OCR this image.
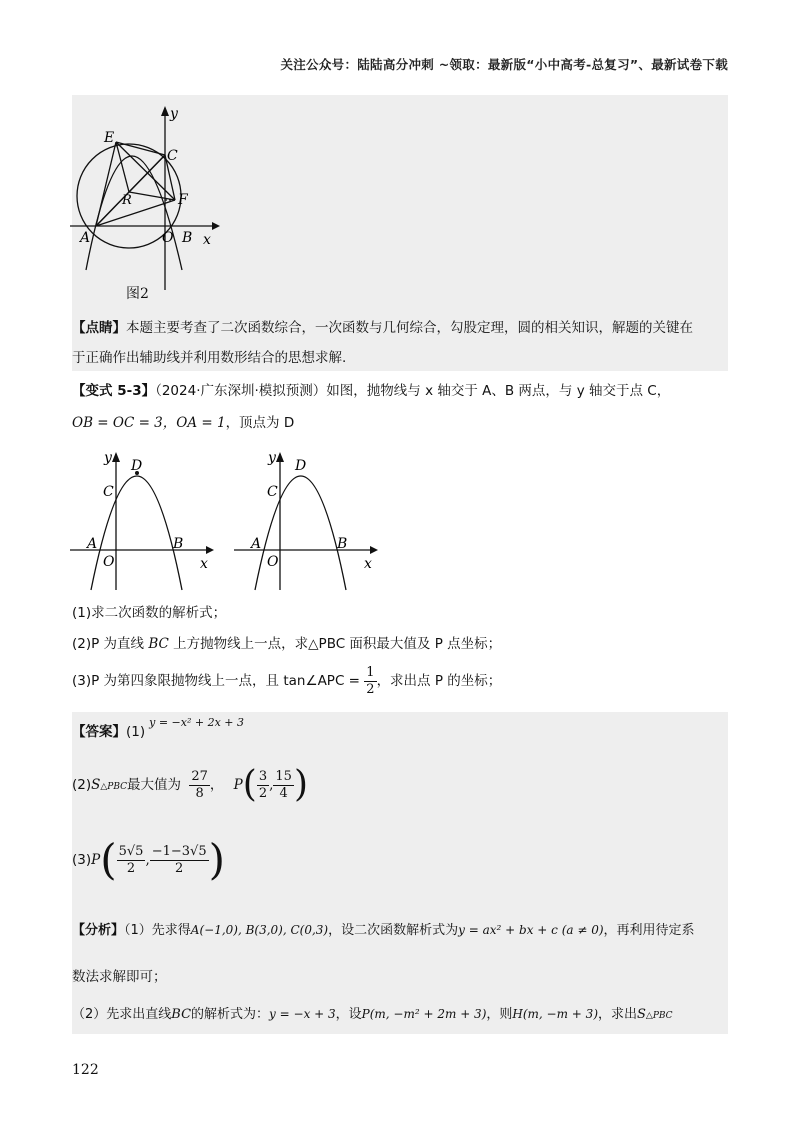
关注公众号：陆陆高分冲刺 ~领取：最新版“小中高考-总复习”、最新试卷下载
E
C
R	F
A	O B x
y
图2
【点睛】本题主要考查了二次函数综合，一次函数与几何综合，勾股定理，圆的相关知识，解题的关键在
于正确作出辅助线并利用数形结合的思想求解.
【变式 5-3】（2024·广东深圳·模拟预测）如图，抛物线与 x 轴交于 A、B 两点，与 y 轴交于点 C，
OB = OC = 3，OA = 1，顶点为 D
D
C
A
O
B
x
y	D
C
A
O
B
x
y
(1)求二次函数的解析式；
(2)P 为直线 BC 上方抛物线上一点，求△PBC 面积最大值及 P 点坐标；
(3)P 为第四象限抛物线上一点，且 tan∠APC = $\frac{1}{2}$ ，求出点 P 的坐标；
【答案】$(1)^{y = -x^2 + 2x + 3}$
(2)S△PBC最大值为 $\frac{27}{8}$ ， $P( \frac{3}{2}$ , $\frac{15}{4}$ )
$(3)P( \frac{5√5}{2}$ , $\frac{-1-3√5}{2}$ )
【分析】（1）先求得A(−1,0), B(3,0), C(0,3)，设二次函数解析式为y = ax² + bx + c (a ≠ 0)，再利用待定系
数法求解即可；
（2）先求出直线BC的解析式为：y = −x + 3，设P(m, −m² + 2m + 3)，则H(m, −m + 3)，求出S△PBC
122
